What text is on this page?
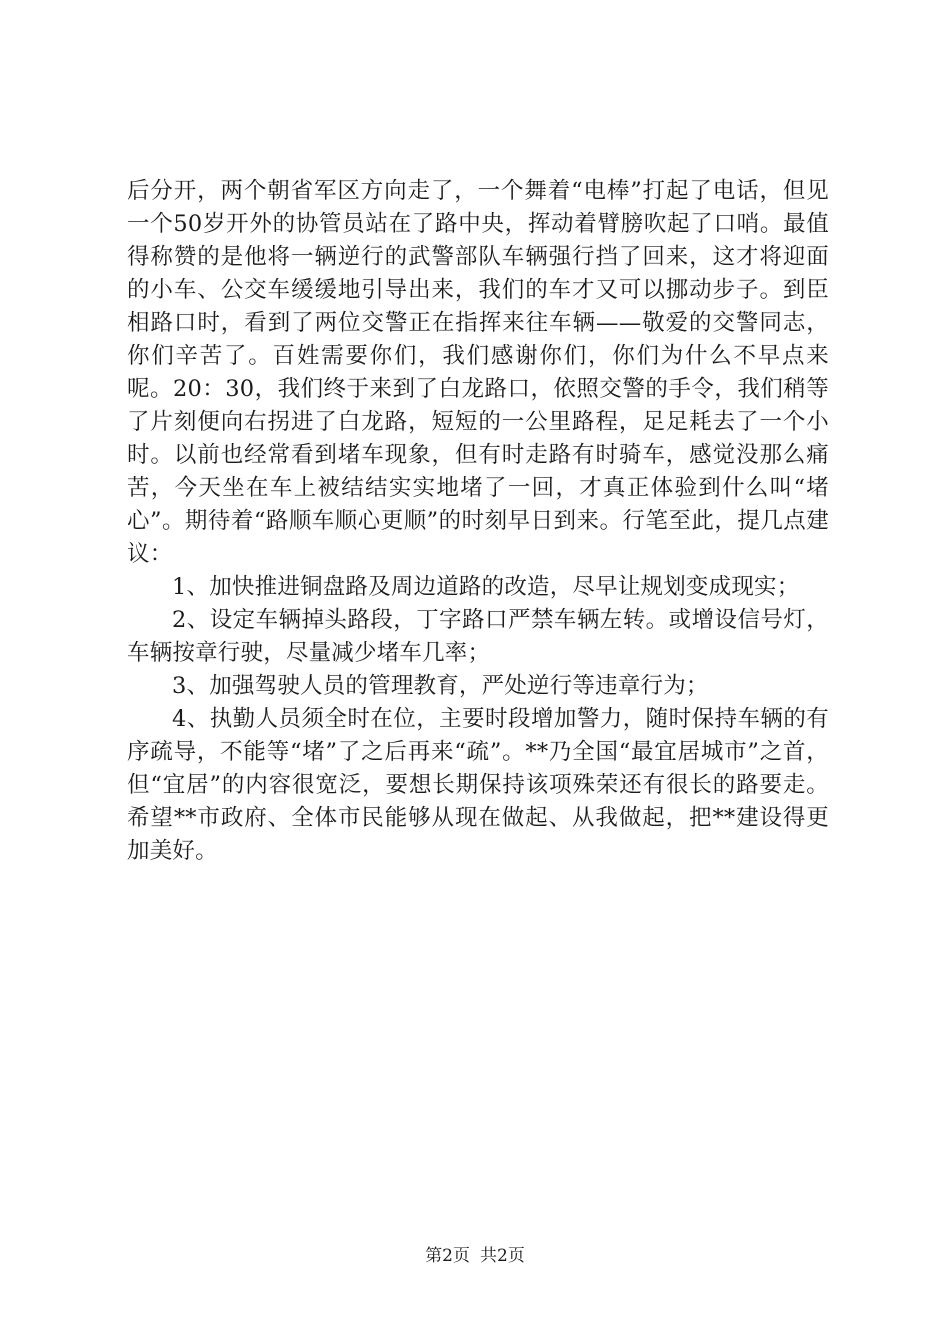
后分开，两个朝省军区方向走了，一个舞着“电棒”打起了电话，但见一个50岁开外的协管员站在了路中央，挥动着臂膀吹起了口哨。最值得称赞的是他将一辆逆行的武警部队车辆强行挡了回来，这才将迎面的小车、公交车缓缓地引导出来，我们的车才又可以挪动步子。到臣相路口时，看到了两位交警正在指挥来往车辆——敬爱的交警同志，你们辛苦了。百姓需要你们，我们感谢你们，你们为什么不早点来呢。20：30，我们终于来到了白龙路口，依照交警的手令，我们稍等了片刻便向右拐进了白龙路，短短的一公里路程，足足耗去了一个小时。以前也经常看到堵车现象，但有时走路有时骑车，感觉没那么痛苦，今天坐在车上被结结实实地堵了一回，才真正体验到什么叫“堵心”。期待着“路顺车顺心更顺”的时刻早日到来。行笔至此，提几点建议：

1、加快推进铜盘路及周边道路的改造，尽早让规划变成现实；

2、设定车辆掉头路段，丁字路口严禁车辆左转。或增设信号灯，车辆按章行驶，尽量减少堵车几率；

3、加强驾驶人员的管理教育，严处逆行等违章行为；

4、执勤人员须全时在位，主要时段增加警力，随时保持车辆的有序疏导，不能等“堵”了之后再来“疏”。**乃全国“最宜居城市”之首，但“宜居”的内容很宽泛，要想长期保持该项殊荣还有很长的路要走。希望**市政府、全体市民能够从现在做起、从我做起，把**建设得更加美好。

第2页 共2页
